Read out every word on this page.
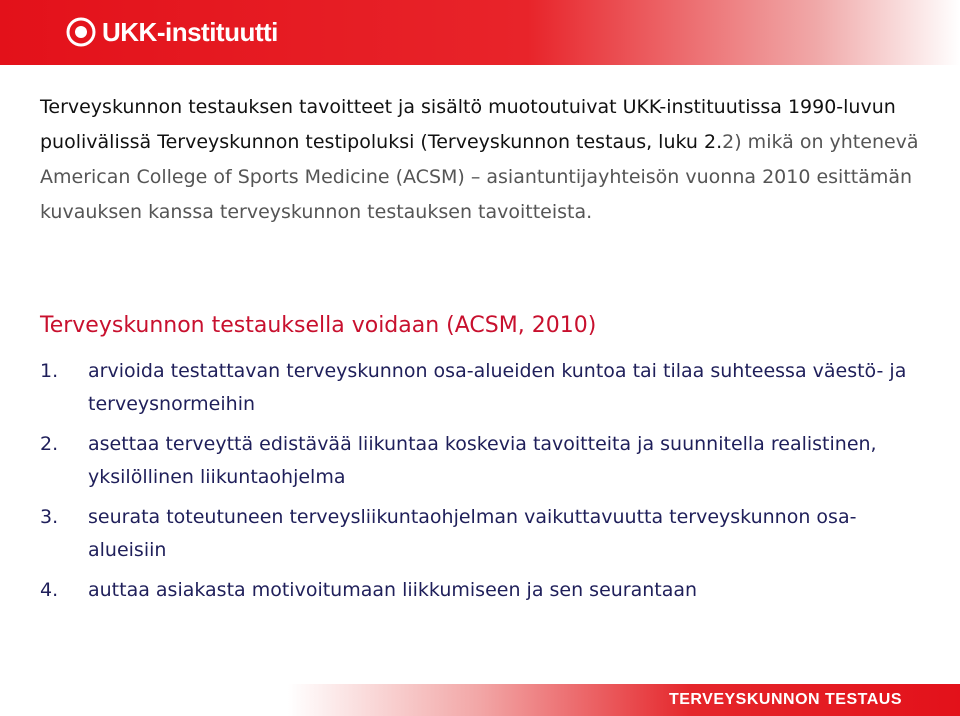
UKK-instituutti

Terveyskunnon testauksen tavoitteet ja sisältö muotoutuivat UKK-instituutissa 1990-luvun puolivälissä Terveyskunnon testipoluksi (Terveyskunnon testaus, luku 2.2) mikä on yhtenevä American College of Sports Medicine (ACSM) – asiantuntijayhteisön vuonna 2010 esittämän kuvauksen kanssa terveyskunnon testauksen tavoitteista.

Terveyskunnon testauksella voidaan (ACSM, 2010)
1.	arvioida testattavan terveyskunnon osa-alueiden kuntoa tai tilaa suhteessa väestö- ja terveysnormeihin
2.	asettaa terveyttä edistävää liikuntaa koskevia tavoitteita ja suunnitella realistinen, yksilöllinen liikuntaohjelma
3.	seurata toteutuneen terveysliikuntaohjelman vaikuttavuutta terveyskunnon osa-alueisiin
4.	auttaa asiakasta motivoitumaan liikkumiseen ja sen seurantaan
TERVEYSKUNNON TESTAUS
